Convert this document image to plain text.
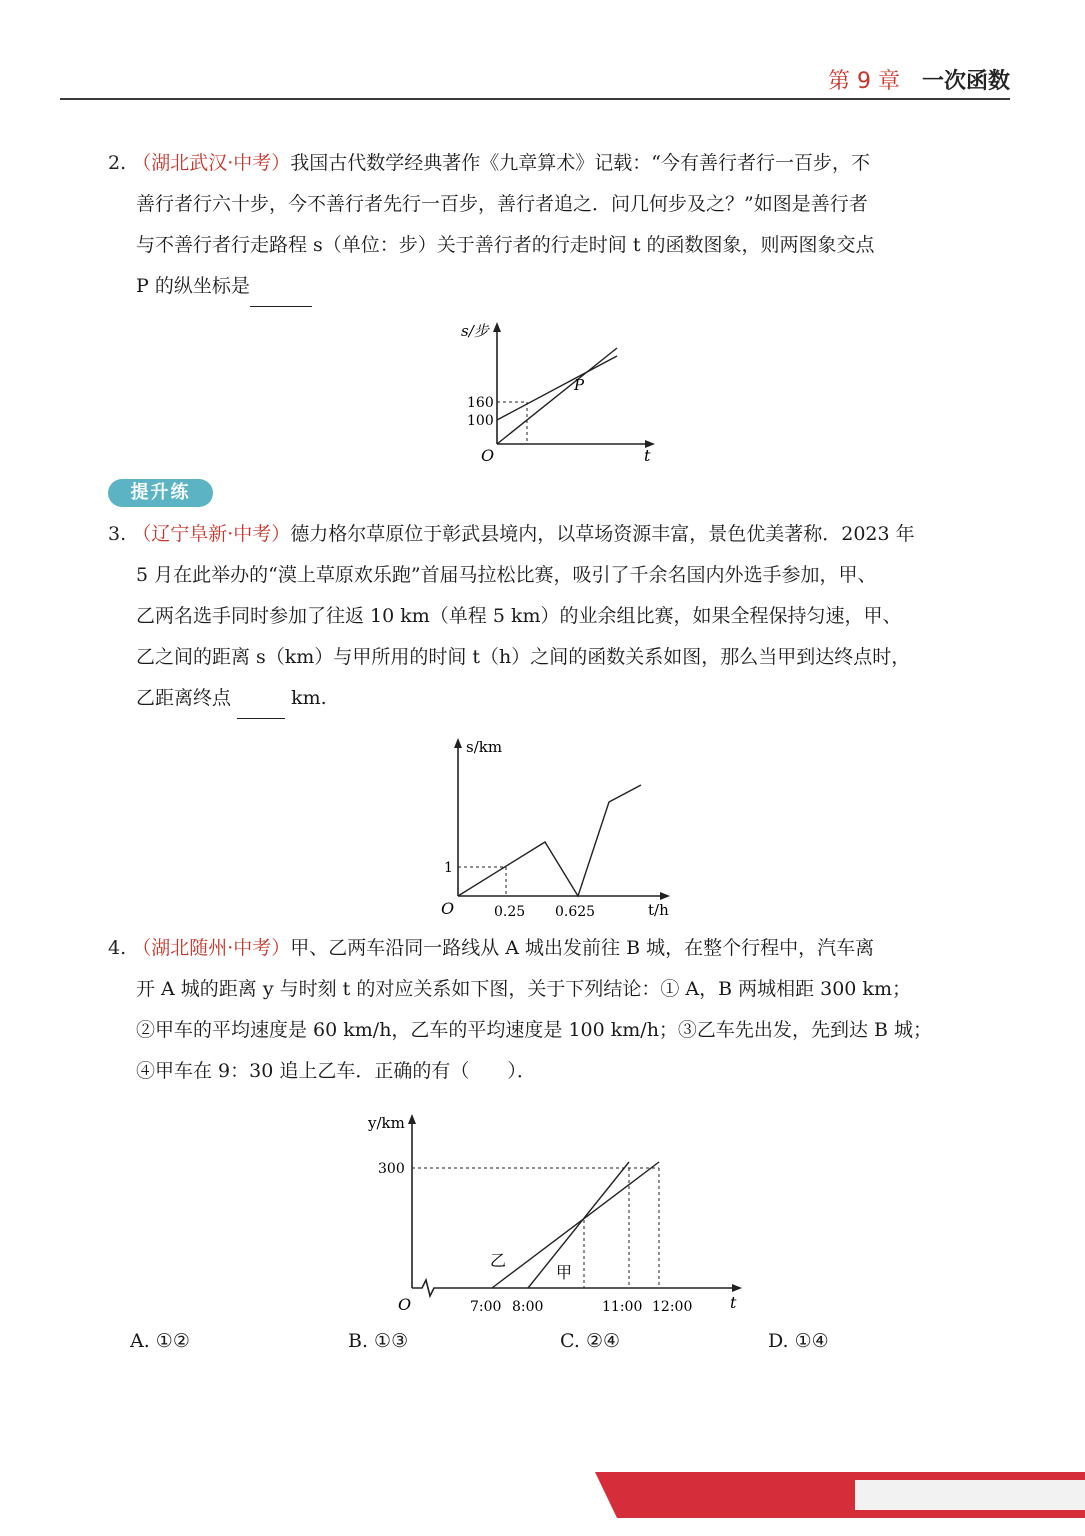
第 9 章 一次函数
2. （湖北武汉·中考）我国古代数学经典著作《九章算术》记载：“今有善行者行一百步，不
善行者行六十步，今不善行者先行一百步，善行者追之．问几何步及之？”如图是善行者
与不善行者行走路程 s（单位：步）关于善行者的行走时间 t 的函数图象，则两图象交点
P 的纵坐标是
s/步
t
O
P
160
100
提升练
3. （辽宁阜新·中考）德力格尔草原位于彰武县境内，以草场资源丰富，景色优美著称．2023 年
5 月在此举办的“漠上草原欢乐跑”首届马拉松比赛，吸引了千余名国内外选手参加，甲、
乙两名选手同时参加了往返 10 km（单程 5 km）的业余组比赛，如果全程保持匀速，甲、
乙之间的距离 s（km）与甲所用的时间 t（h）之间的函数关系如图，那么当甲到达终点时，
乙距离终点	km.
s/km
t/h
O
1
0.25 0.625
4. （湖北随州·中考）甲、乙两车沿同一路线从 A 城出发前往 B 城，在整个行程中，汽车离
开 A 城的距离 y 与时刻 t 的对应关系如下图，关于下列结论：① A，B 两城相距 300 km；
②甲车的平均速度是 60 km/h，乙车的平均速度是 100 km/h；③乙车先出发，先到达 B 城；
④甲车在 9：30 追上乙车．正确的有（　　）．
y/km
t
O
300
7:00 8:00	11:00 12:00
乙
甲
A. ①②	B. ①③	C. ②④	D. ①④
